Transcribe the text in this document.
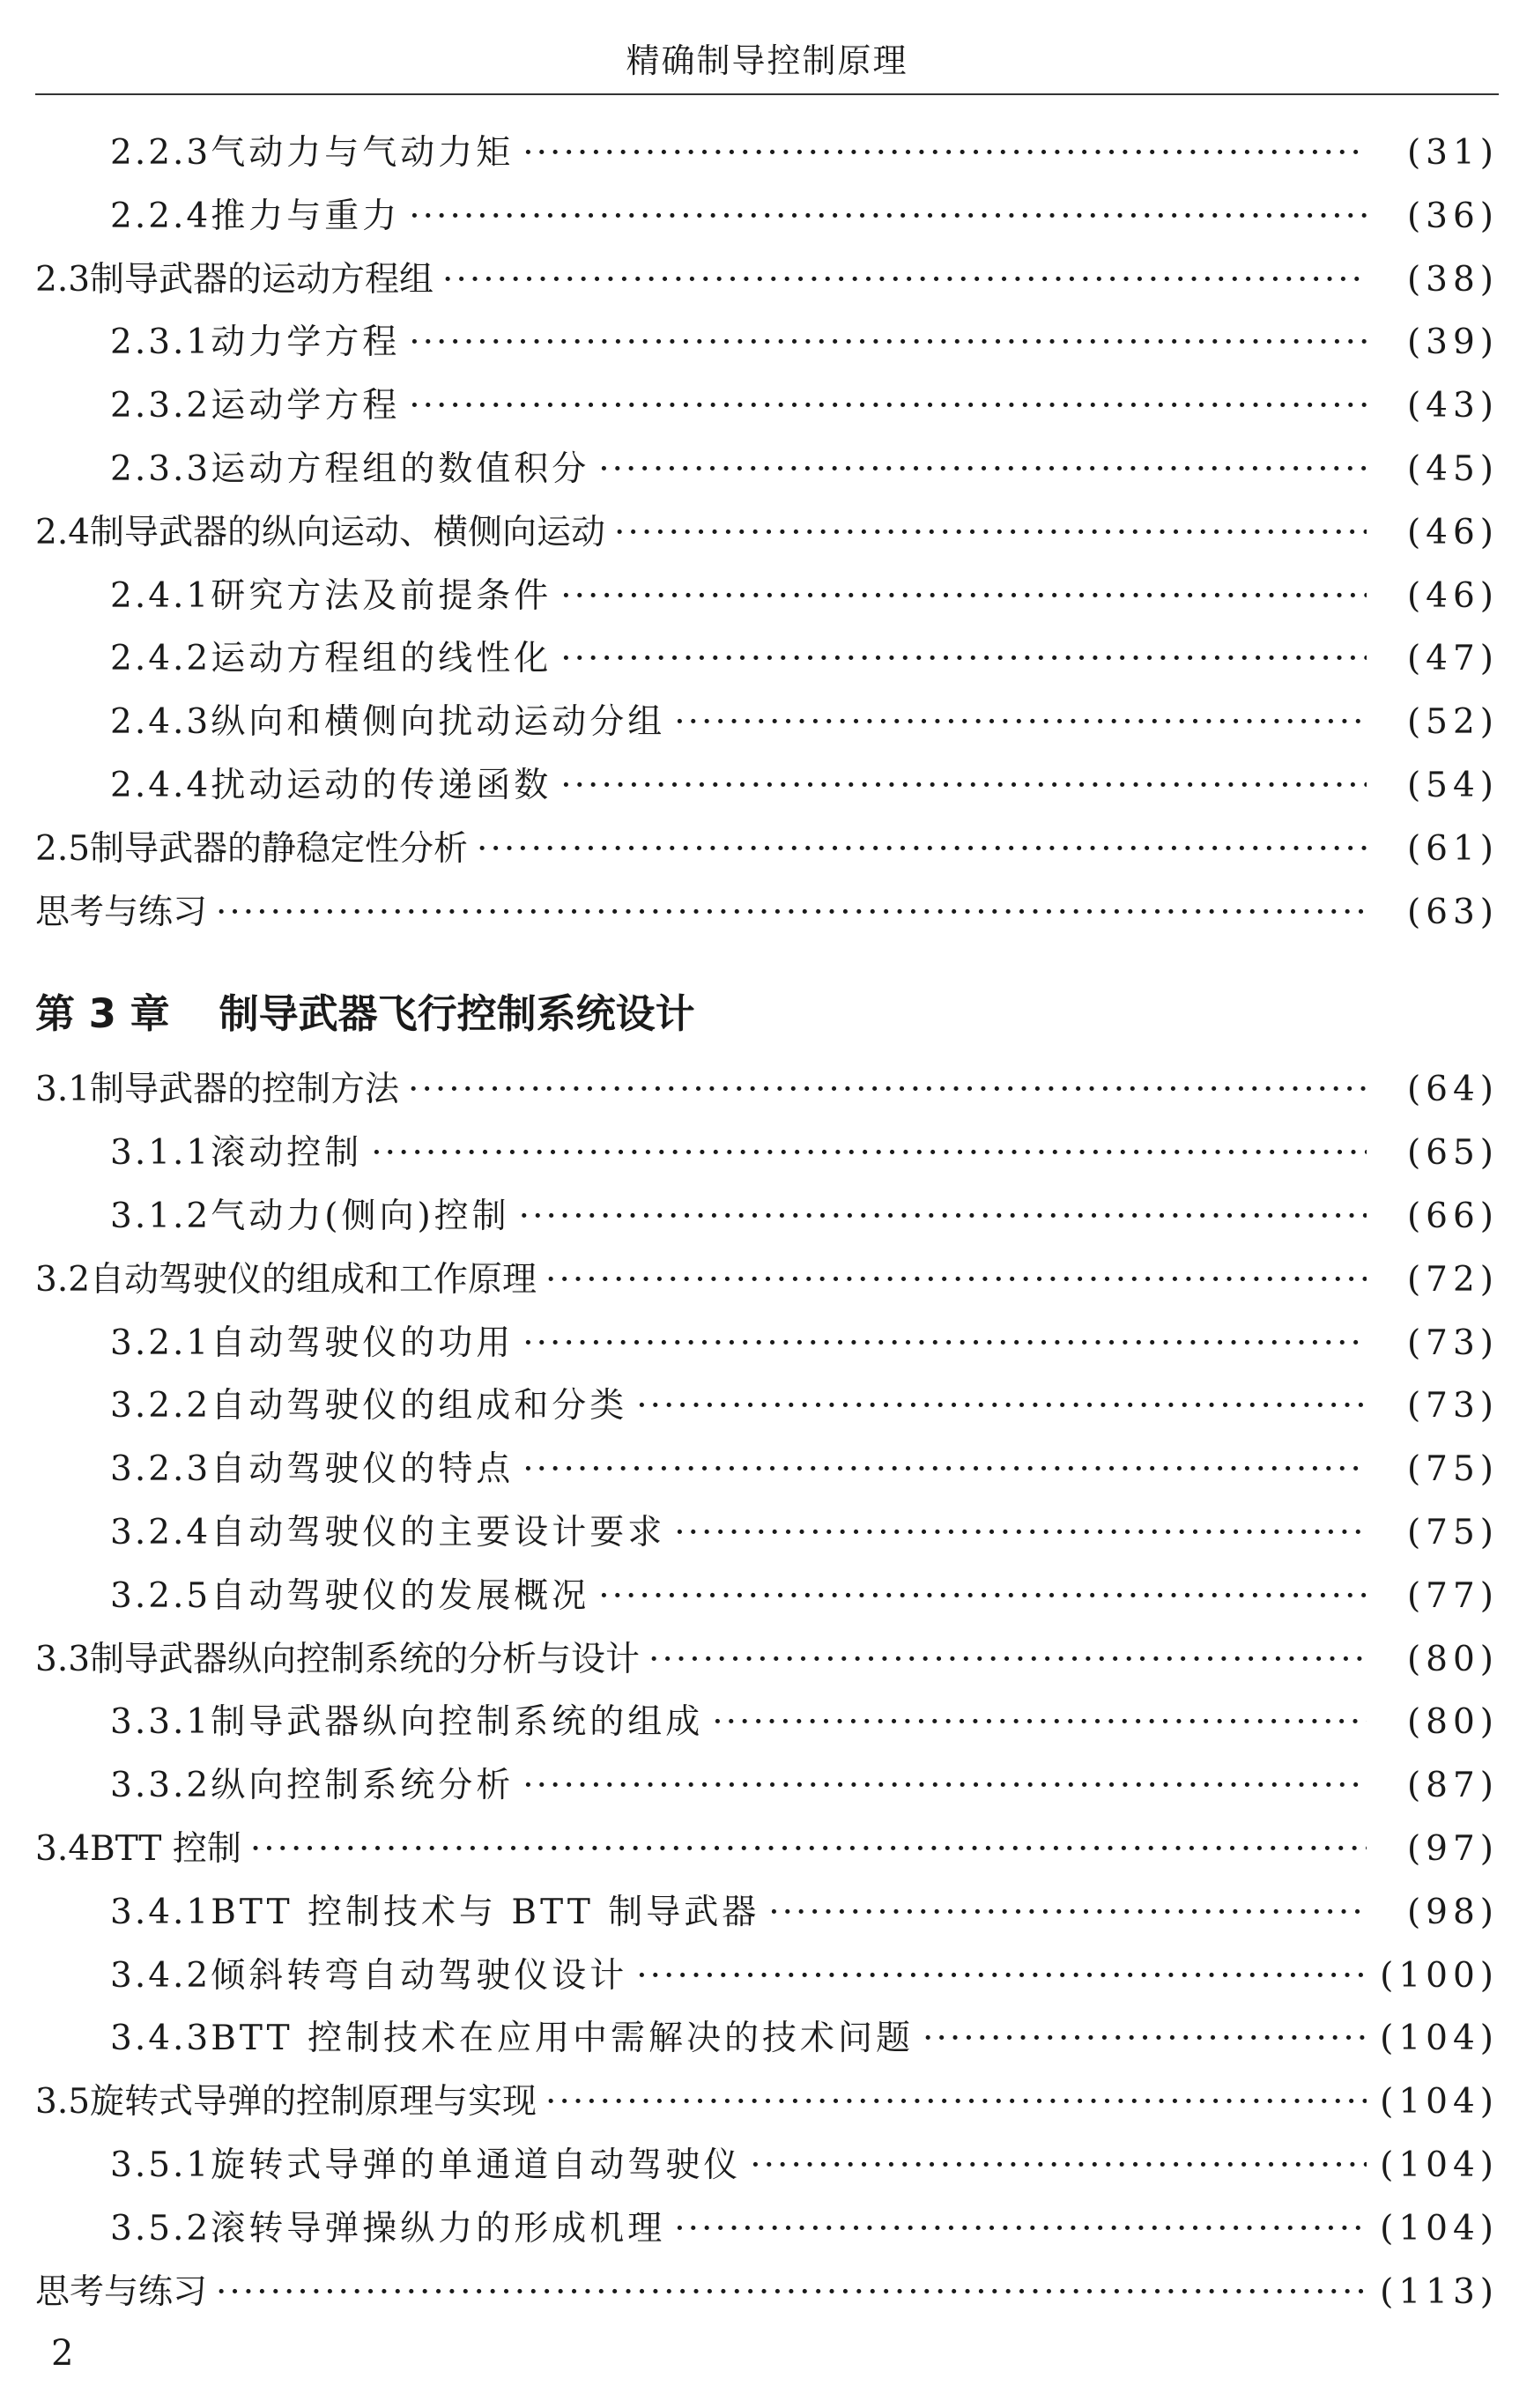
精确制导控制原理
2.2.3 气动力与气动力矩 ·····	(31)
2.2.4 推力与重力 ·····	(36)
2.3 制导武器的运动方程组 ·····	(38)
2.3.1 动力学方程 ·····	(39)
2.3.2 运动学方程 ·····	(43)
2.3.3 运动方程组的数值积分 ·····	(45)
2.4 制导武器的纵向运动、横侧向运动 ·····	(46)
2.4.1 研究方法及前提条件 ·····	(46)
2.4.2 运动方程组的线性化 ·····	(47)
2.4.3 纵向和横侧向扰动运动分组 ·····	(52)
2.4.4 扰动运动的传递函数 ·····	(54)
2.5 制导武器的静稳定性分析 ·····	(61)
思考与练习 ·····	(63)
第 3 章 制导武器飞行控制系统设计
3.1 制导武器的控制方法 ·····	(64)
3.1.1 滚动控制 ·····	(65)
3.1.2 气动力(侧向)控制 ·····	(66)
3.2 自动驾驶仪的组成和工作原理 ·····	(72)
3.2.1 自动驾驶仪的功用 ·····	(73)
3.2.2 自动驾驶仪的组成和分类 ·····	(73)
3.2.3 自动驾驶仪的特点 ·····	(75)
3.2.4 自动驾驶仪的主要设计要求 ·····	(75)
3.2.5 自动驾驶仪的发展概况 ·····	(77)
3.3 制导武器纵向控制系统的分析与设计 ·····	(80)
3.3.1 制导武器纵向控制系统的组成 ·····	(80)
3.3.2 纵向控制系统分析 ·····	(87)
3.4 BTT 控制 ·····	(97)
3.4.1 BTT 控制技术与 BTT 制导武器 ·····	(98)
3.4.2 倾斜转弯自动驾驶仪设计 ·····	(100)
3.4.3 BTT 控制技术在应用中需解决的技术问题 ·····	(104)
3.5 旋转式导弹的控制原理与实现 ·····	(104)
3.5.1 旋转式导弹的单通道自动驾驶仪 ·····	(104)
3.5.2 滚转导弹操纵力的形成机理 ·····	(104)
思考与练习 ·····	(113)
2
